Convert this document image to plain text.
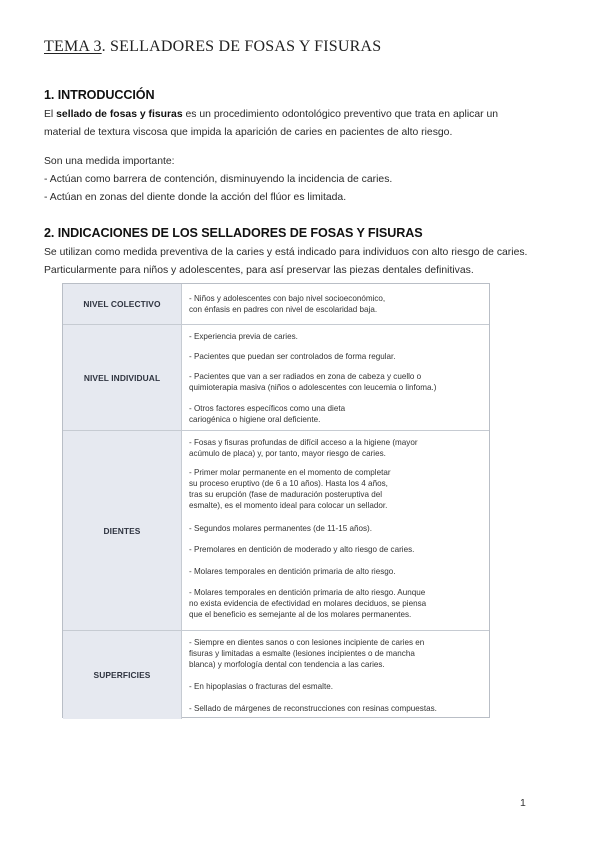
TEMA 3. SELLADORES DE FOSAS Y FISURAS
1. INTRODUCCIÓN

El sellado de fosas y fisuras es un procedimiento odontológico preventivo que trata en aplicar un

material de textura viscosa que impida la aparición de caries en pacientes de alto riesgo.

Son una medida importante:

- Actúan como barrera de contención, disminuyendo la incidencia de caries.

- Actúan en zonas del diente donde la acción del flúor es limitada.

2. INDICACIONES DE LOS SELLADORES DE FOSAS Y FISURAS

Se utilizan como medida preventiva de la caries y está indicado para individuos con alto riesgo de caries.

Particularmente para niños y adolescentes, para así preservar las piezas dentales definitivas.

NIVEL COLECTIVO
- Niños y adolescentes con bajo nivel socioeconómico,
con énfasis en padres con nivel de escolaridad baja.
NIVEL INDIVIDUAL
- Experiencia previa de caries.
- Pacientes que puedan ser controlados de forma regular.
- Pacientes que van a ser radiados en zona de cabeza y cuello o
quimioterapia masiva (niños o adolescentes con leucemia o linfoma.)
- Otros factores específicos como una dieta
cariogénica o higiene oral deficiente.
DIENTES
- Fosas y fisuras profundas de difícil acceso a la higiene (mayor
acúmulo de placa) y, por tanto, mayor riesgo de caries.
- Primer molar permanente en el momento de completar
su proceso eruptivo (de 6 a 10 años). Hasta los 4 años,
tras su erupción (fase de maduración posteruptiva del
esmalte), es el momento ideal para colocar un sellador.
- Segundos molares permanentes (de 11-15 años).
- Premolares en dentición de moderado y alto riesgo de caries.
- Molares temporales en dentición primaria de alto riesgo.
- Molares temporales en dentición primaria de alto riesgo. Aunque
no exista evidencia de efectividad en molares deciduos, se piensa
que el beneficio es semejante al de los molares permanentes.
SUPERFICIES
- Siempre en dientes sanos o con lesiones incipiente de caries en
fisuras y limitadas a esmalte (lesiones incipientes o de mancha
blanca) y morfología dental con tendencia a las caries.
- En hipoplasias o fracturas del esmalte.
- Sellado de márgenes de reconstrucciones con resinas compuestas.
1
